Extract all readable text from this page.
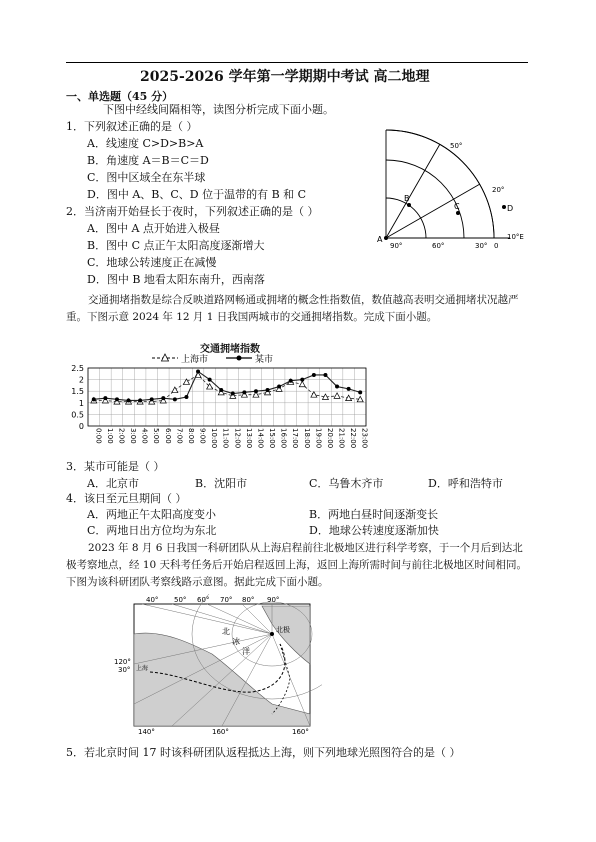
2025-2026 学年第一学期期中考试 高二地理
一、单选题（45 分）
下图中经线间隔相等，读图分析完成下面小题。
1．下列叙述正确的是（ ）
A．线速度 C>D>B>A
B．角速度 A＝B＝C＝D
C．图中区域全在东半球
D．图中 A、B、C、D 位于温带的有 B 和 C
2．当济南开始昼长于夜时，下列叙述正确的是（ ）
A．图中 A 点开始进入极昼
B．图中 C 点正午太阳高度逐渐增大
C．地球公转速度正在减慢
D．图中 B 地看太阳东南升，西南落
A
B
C	D
50°
20°
90°	60°	30° 0
10°E
交通拥堵指数是综合反映道路网畅通或拥堵的概念性指数值，数值越高表明交通拥堵状况越严重。下图示意 2024 年 12 月 1 日我国两城市的交通拥堵指数。完成下面小题。
交通拥堵指数
上海市	某市
2.5
2
1.5
1
0.5
0
0:00 1:00 2:00 3:00 4:00 5:00 6:00 7:00 8:00 9:00 10:00 11:00 12:00 13:00 14:00 15:00 16:00 17:00 18:00 19:00 20:00 21:00 22:00 23:00
3．某市可能是（ ）
A．北京市	B．沈阳市	C．乌鲁木齐市	D．呼和浩特市
4．该日至元旦期间（ ）
A．两地正午太阳高度变小	B．两地白昼时间逐渐变长
C．两地日出方位均为东北	D．地球公转速度逐渐加快
2023 年 8 月 6 日我国一科研团队从上海启程前往北极地区进行科学考察，于一个月后到达北极考察地点，经 10 天科考任务后开始启程返回上海，返回上海所需时间与前往北极地区时间相同。下图为该科研团队考察线路示意图。据此完成下面小题。
北极
北
冰
洋
上海
40° 50° 60° 70° 80° 90°
120°
30°
140°	160°	160°
5．若北京时间 17 时该科研团队返程抵达上海，则下列地球光照图符合的是（ ）
